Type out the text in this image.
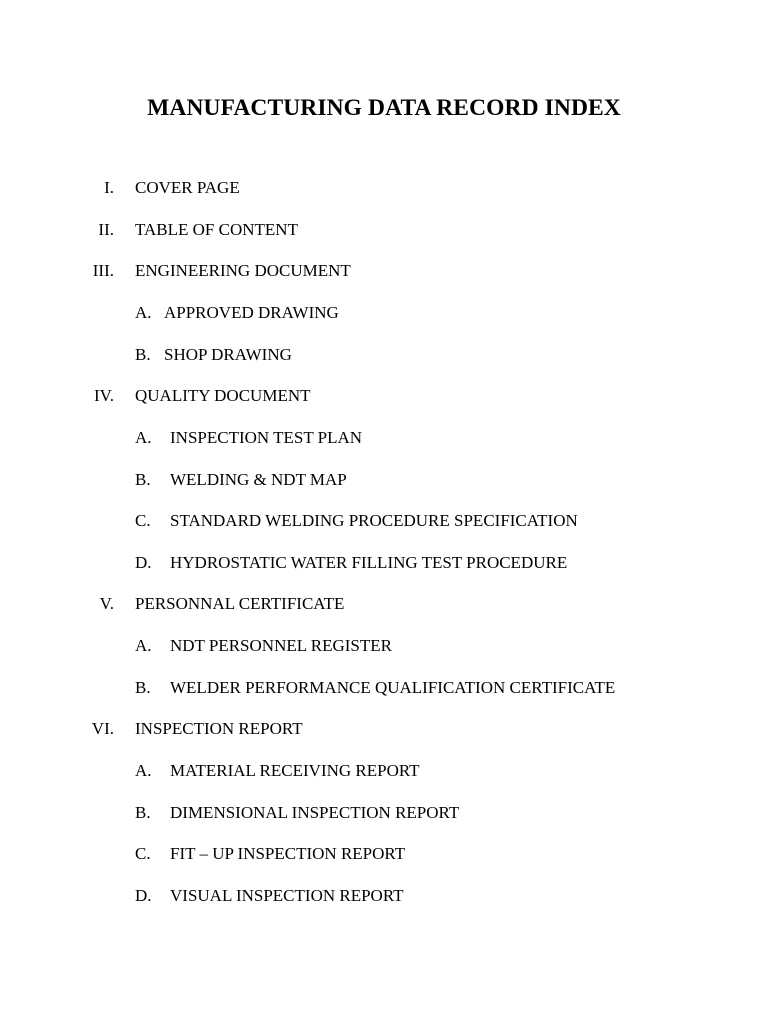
MANUFACTURING DATA RECORD INDEX
I. COVER PAGE
II. TABLE OF CONTENT
III. ENGINEERING DOCUMENT
A. APPROVED DRAWING
B. SHOP DRAWING
IV. QUALITY DOCUMENT
A. INSPECTION TEST PLAN
B. WELDING & NDT MAP
C. STANDARD WELDING PROCEDURE SPECIFICATION
D. HYDROSTATIC WATER FILLING TEST PROCEDURE
V. PERSONNAL CERTIFICATE
A. NDT PERSONNEL REGISTER
B. WELDER PERFORMANCE QUALIFICATION CERTIFICATE
VI. INSPECTION REPORT
A. MATERIAL RECEIVING REPORT
B. DIMENSIONAL INSPECTION REPORT
C. FIT – UP INSPECTION REPORT
D. VISUAL INSPECTION REPORT
